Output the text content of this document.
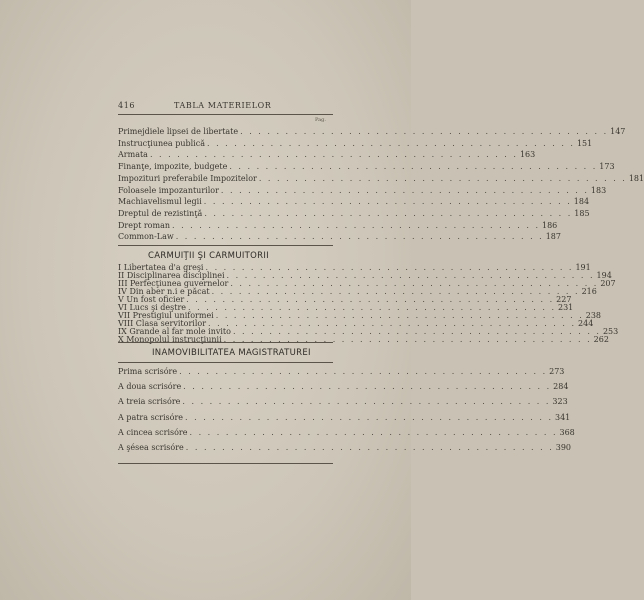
416	TABLA MATERIELOR
Pag.
Primejdiele lipsei de libertate . . . . . . . . . . . . . . . . . . . . . . . . . . . . . . . . . . . . . . . . . 147
Instrucţiunea publică . . . . . . . . . . . . . . . . . . . . . . . . . . . . . . . . . . . . . . . . . 151
Armata . . . . . . . . . . . . . . . . . . . . . . . . . . . . . . . . . . . . . . . . . 163
Finanţe, impozite, budgete . . . . . . . . . . . . . . . . . . . . . . . . . . . . . . . . . . . . . . . . . 173
Impozituri preferabile Impozitelor . . . . . . . . . . . . . . . . . . . . . . . . . . . . . . . . . . . . . . . . . 181
Foloasele impozanturilor . . . . . . . . . . . . . . . . . . . . . . . . . . . . . . . . . . . . . . . . . 183
Machiavelismul legii . . . . . . . . . . . . . . . . . . . . . . . . . . . . . . . . . . . . . . . . . 184
Dreptul de rezistinţă . . . . . . . . . . . . . . . . . . . . . . . . . . . . . . . . . . . . . . . . . 185
Drept roman . . . . . . . . . . . . . . . . . . . . . . . . . . . . . . . . . . . . . . . . . 186
Common-Law . . . . . . . . . . . . . . . . . . . . . . . . . . . . . . . . . . . . . . . . . 187
CARMUIŢII ŞI CARMUITORII
I Libertatea d'a greşi . . . . . . . . . . . . . . . . . . . . . . . . . . . . . . . . . . . . . . . . . 191
II Disciplinarea disciplinei . . . . . . . . . . . . . . . . . . . . . . . . . . . . . . . . . . . . . . . . . 194
III Perfecţiunea guvernelor . . . . . . . . . . . . . . . . . . . . . . . . . . . . . . . . . . . . . . . . . 207
IV Din aber n.i e păcat . . . . . . . . . . . . . . . . . . . . . . . . . . . . . . . . . . . . . . . . . 216
V Un fost oficier . . . . . . . . . . . . . . . . . . . . . . . . . . . . . . . . . . . . . . . . . 227
VI Lucs şi deştre . . . . . . . . . . . . . . . . . . . . . . . . . . . . . . . . . . . . . . . . . 231
VII Prestigiul uniformei . . . . . . . . . . . . . . . . . . . . . . . . . . . . . . . . . . . . . . . . . 238
VIII Clasa servitorilor . . . . . . . . . . . . . . . . . . . . . . . . . . . . . . . . . . . . . . . . . 244
IX Grande al far mole invito . . . . . . . . . . . . . . . . . . . . . . . . . . . . . . . . . . . . . . . . . 253
X Monopolul instrucţiunii . . . . . . . . . . . . . . . . . . . . . . . . . . . . . . . . . . . . . . . . . 262
INAMOVIBILITATEA MAGISTRATUREI
Prima scrisóre . . . . . . . . . . . . . . . . . . . . . . . . . . . . . . . . . . . . . . . . . 273
A doua scrisóre . . . . . . . . . . . . . . . . . . . . . . . . . . . . . . . . . . . . . . . . . 284
A treia scrisóre . . . . . . . . . . . . . . . . . . . . . . . . . . . . . . . . . . . . . . . . . 323
A patra scrisóre . . . . . . . . . . . . . . . . . . . . . . . . . . . . . . . . . . . . . . . . . 341
A cincea scrisóre . . . . . . . . . . . . . . . . . . . . . . . . . . . . . . . . . . . . . . . . . 368
A şésea scrisóre . . . . . . . . . . . . . . . . . . . . . . . . . . . . . . . . . . . . . . . . . 390
